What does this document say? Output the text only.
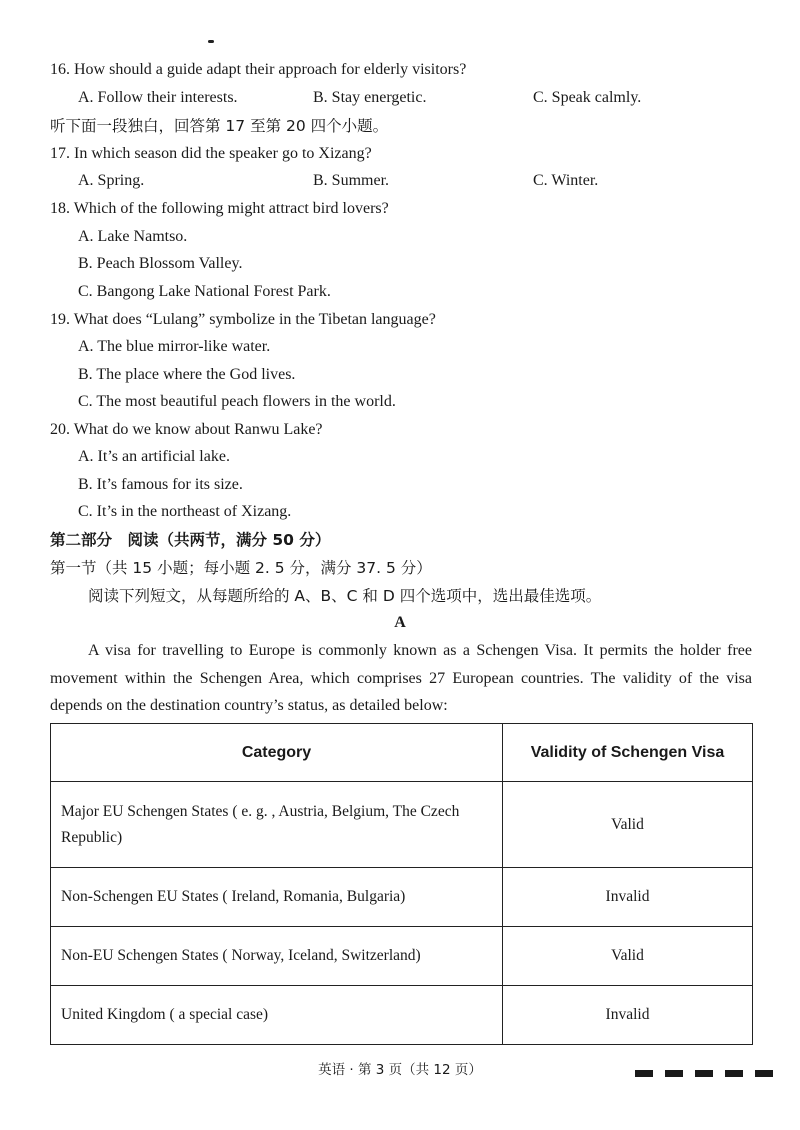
16. How should a guide adapt their approach for elderly visitors?
A. Follow their interests.	B. Stay energetic.	C. Speak calmly.
听下面一段独白，回答第 17 至第 20 四个小题。
17. In which season did the speaker go to Xizang?
A. Spring.	B. Summer.	C. Winter.
18. Which of the following might attract bird lovers?
A. Lake Namtso.
B. Peach Blossom Valley.
C. Bangong Lake National Forest Park.
19. What does “Lulang” symbolize in the Tibetan language?
A. The blue mirror-like water.
B. The place where the God lives.
C. The most beautiful peach flowers in the world.
20. What do we know about Ranwu Lake?
A. It’s an artificial lake.
B. It’s famous for its size.
C. It’s in the northeast of Xizang.
第二部分　阅读（共两节，满分 50 分）
第一节（共 15 小题；每小题 2. 5 分，满分 37. 5 分）
阅读下列短文，从每题所给的 A、B、C 和 D 四个选项中，选出最佳选项。
A
A visa for travelling to Europe is commonly known as a Schengen Visa. It permits the holder free movement within the Schengen Area, which comprises 27 European countries. The validity of the visa depends on the destination country’s status, as detailed below:
Category	Validity of Schengen Visa
Major EU Schengen States ( e. g. , Austria, Belgium, The Czech Republic)	Valid
Non-Schengen EU States ( Ireland, Romania, Bulgaria)	Invalid
Non-EU Schengen States ( Norway, Iceland, Switzerland)	Valid
United Kingdom ( a special case)	Invalid
英语 · 第 3 页（共 12 页）
